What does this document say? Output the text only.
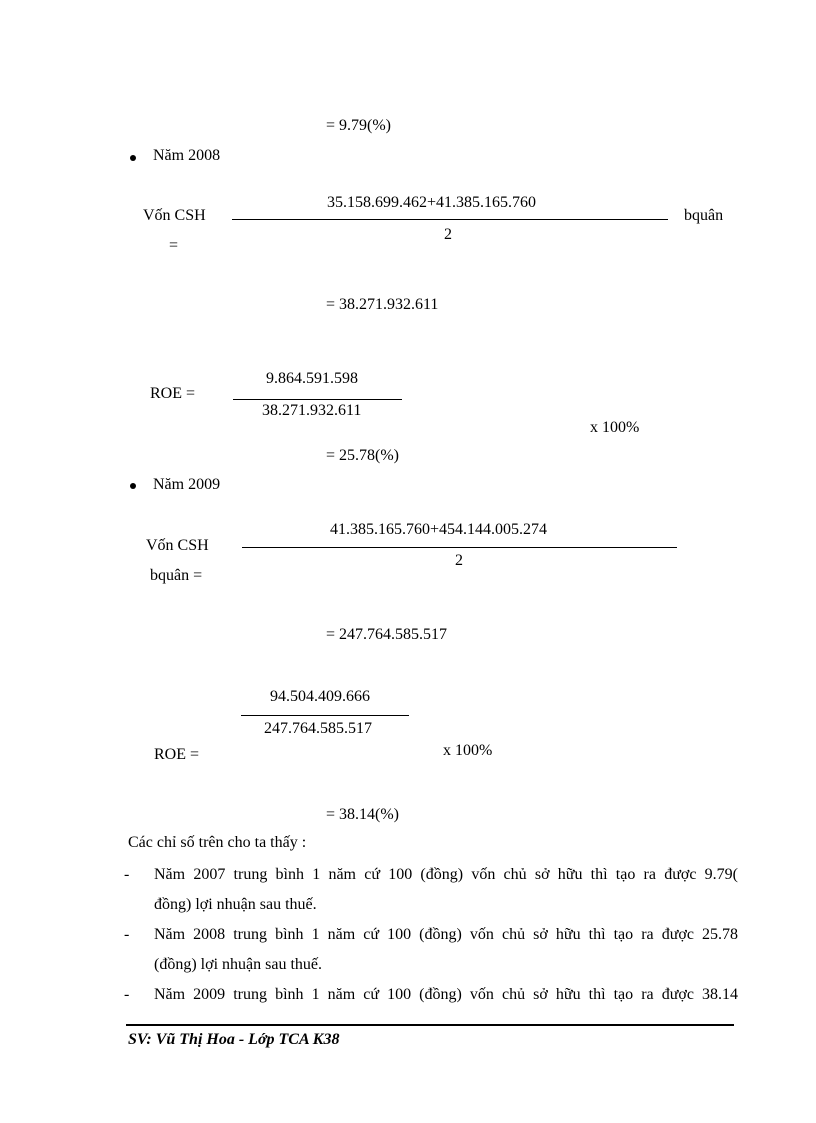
= 9.79(%)
Năm 2008
Vốn CSH
=
35.158.699.462+41.385.165.760
2
bquân
= 38.271.932.611
ROE =
9.864.591.598
38.271.932.611
x 100%
= 25.78(%)
Năm 2009
Vốn CSH
bquân =
41.385.165.760+454.144.005.274
2
= 247.764.585.517
94.504.409.666
247.764.585.517
ROE =	x 100%
= 38.14(%)
Các chỉ số trên cho ta thấy :
-	Năm 2007 trung bình 1 năm cứ 100 (đồng) vốn chủ sở hữu thì tạo ra được 9.79(
đồng) lợi nhuận sau thuế.
-	Năm 2008 trung bình 1 năm cứ 100 (đồng) vốn chủ sở hữu thì tạo ra được 25.78
(đồng) lợi nhuận sau thuế.
-	Năm 2009 trung bình 1 năm cứ 100 (đồng) vốn chủ sở hữu thì tạo ra được 38.14
SV: Vũ Thị Hoa - Lớp TCA K38
